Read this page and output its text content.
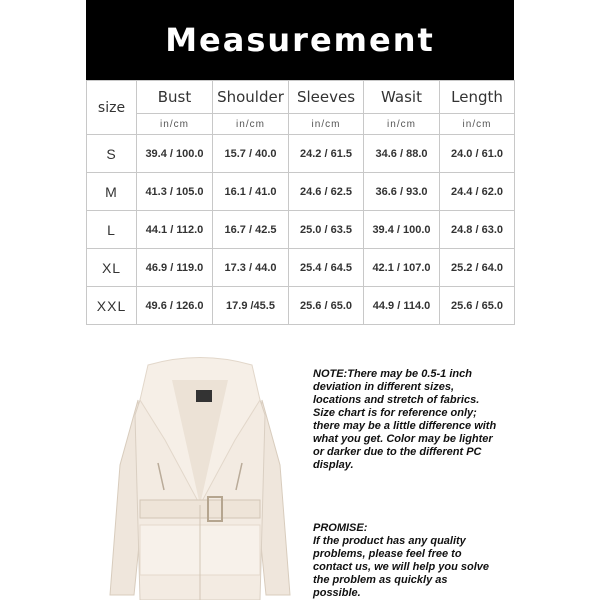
Measurement
size	Bust	Shoulder	Sleeves	Wasit	Length
	in/cm	in/cm	in/cm	in/cm	in/cm
S	39.4 / 100.0	15.7 / 40.0	24.2 / 61.5	34.6 / 88.0	24.0 / 61.0
M	41.3 / 105.0	16.1 / 41.0	24.6 / 62.5	36.6 / 93.0	24.4 / 62.0
L	44.1 / 112.0	16.7 / 42.5	25.0 / 63.5	39.4 / 100.0	24.8 / 63.0
XL	46.9 / 119.0	17.3 / 44.0	25.4 / 64.5	42.1 / 107.0	25.2 / 64.0
XXL	49.6 / 126.0	17.9 /45.5	25.6 / 65.0	44.9 / 114.0	25.6 / 65.0

NOTE:There may be 0.5-1 inch deviation in different sizes, locations and stretch of fabrics. Size chart is for reference only; there may be a little difference with what you get. Color may be lighter or darker due to the different PC display.

PROMISE:

If the product has any quality problems, please feel free to contact us, we will help you solve the problem as quickly as possible.
